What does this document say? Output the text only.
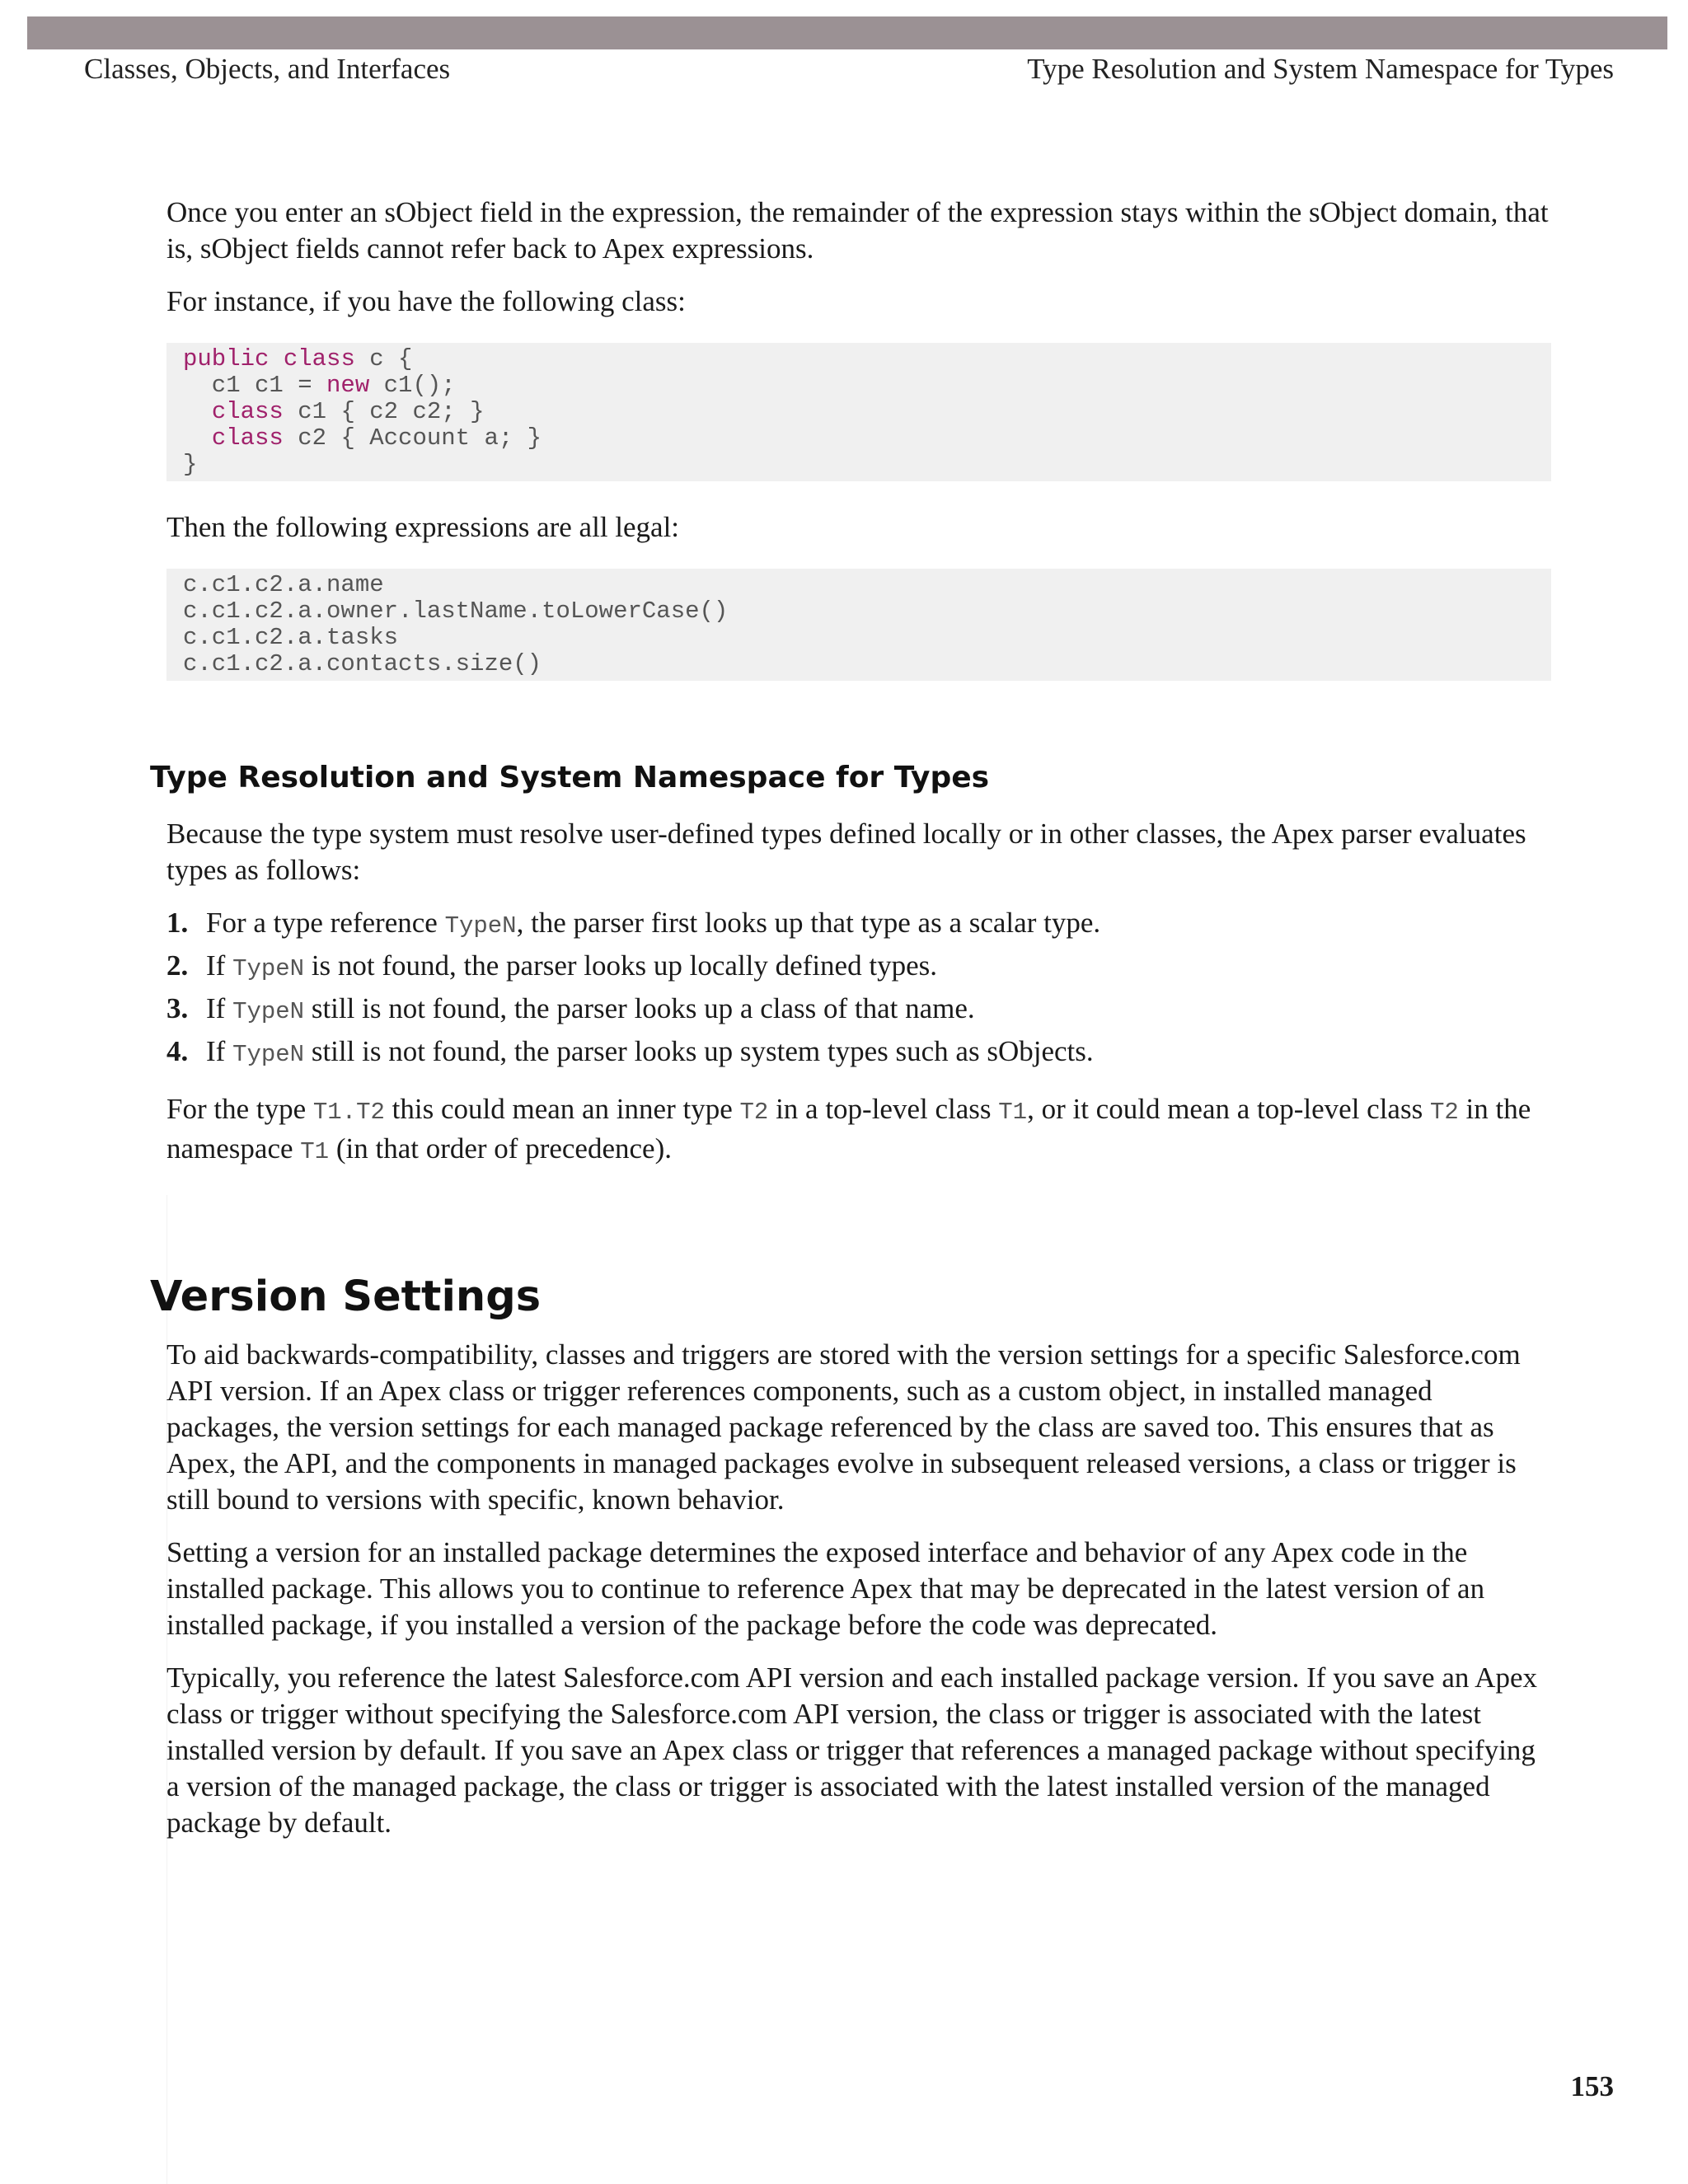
Classes, Objects, and Interfaces	Type Resolution and System Namespace for Types

Once you enter an sObject field in the expression, the remainder of the expression stays within the sObject domain, that is, sObject fields cannot refer back to Apex expressions.

For instance, if you have the following class:

public class c {
c1 c1 = new c1();
class c1 { c2 c2; }
class c2 { Account a; }
}

Then the following expressions are all legal:

c.c1.c2.a.name
c.c1.c2.a.owner.lastName.toLowerCase()
c.c1.c2.a.tasks
c.c1.c2.a.contacts.size()
Type Resolution and System Namespace for Types

Because the type system must resolve user-defined types defined locally or in other classes, the Apex parser evaluates types as follows:

1. For a type reference TypeN, the parser first looks up that type as a scalar type.
2. If TypeN is not found, the parser looks up locally defined types.
3. If TypeN still is not found, the parser looks up a class of that name.
4. If TypeN still is not found, the parser looks up system types such as sObjects.

For the type T1.T2 this could mean an inner type T2 in a top-level class T1, or it could mean a top-level class T2 in the namespace T1 (in that order of precedence).

Version Settings

To aid backwards-compatibility, classes and triggers are stored with the version settings for a specific Salesforce.com API version. If an Apex class or trigger references components, such as a custom object, in installed managed packages, the version settings for each managed package referenced by the class are saved too. This ensures that as Apex, the API, and the components in managed packages evolve in subsequent released versions, a class or trigger is still bound to versions with specific, known behavior.

Setting a version for an installed package determines the exposed interface and behavior of any Apex code in the installed package. This allows you to continue to reference Apex that may be deprecated in the latest version of an installed package, if you installed a version of the package before the code was deprecated.

Typically, you reference the latest Salesforce.com API version and each installed package version. If you save an Apex class or trigger without specifying the Salesforce.com API version, the class or trigger is associated with the latest installed version by default. If you save an Apex class or trigger that references a managed package without specifying a version of the managed package, the class or trigger is associated with the latest installed version of the managed package by default.

153
